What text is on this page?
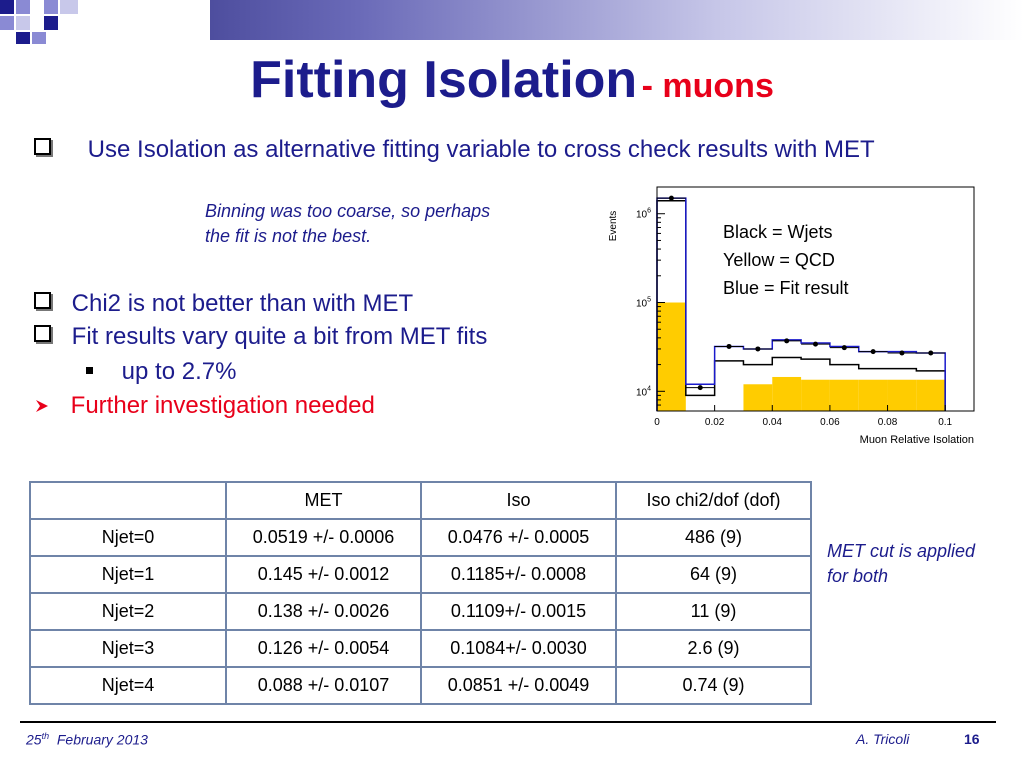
Fitting Isolation - muons
Use Isolation as alternative fitting variable to cross check results with MET
Binning was too coarse, so perhaps
the fit is not the best.
Chi2 is not better than with MET
Fit results vary quite a bit from MET fits
up to 2.7%
Further investigation needed
Events
Muon Relative Isolation
0	0.02	0.04	0.06	0.08	0.1
$10^6$
$10^5$
$10^4$
Black = Wjets
Yellow = QCD
Blue = Fit result
	MET	Iso	Iso chi2/dof (dof)
Njet=0	0.0519 +/- 0.0006	0.0476 +/- 0.0005	486 (9)
Njet=1	0.145 +/- 0.0012	0.1185+/- 0.0008	64 (9)
Njet=2	0.138 +/- 0.0026	0.1109+/- 0.0015	11 (9)
Njet=3	0.126 +/- 0.0054	0.1084+/- 0.0030	2.6 (9)
Njet=4	0.088 +/- 0.0107	0.0851 +/- 0.0049	0.74 (9)
MET cut is applied
for both
25th February 2013	A. Tricoli	16
